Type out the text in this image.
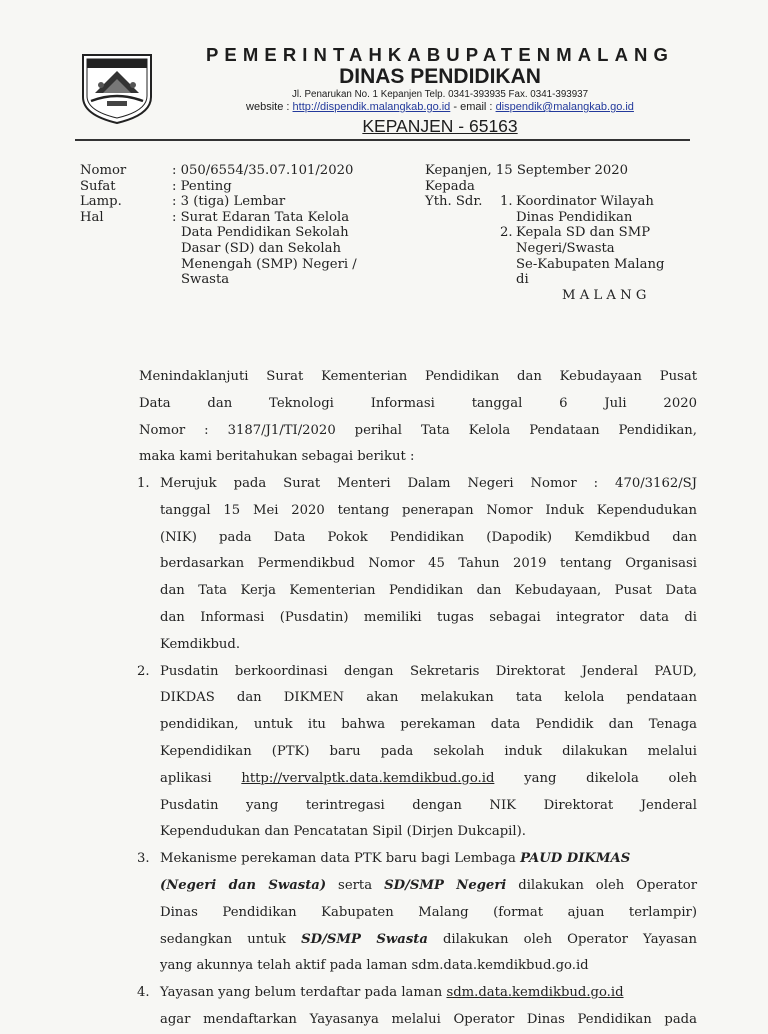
PEMERINTAHKABUPATENMALANG
DINAS PENDIDIKAN
Jl. Penarukan No. 1 Kepanjen Telp. 0341-393935 Fax. 0341-393937
website : http://dispendik.malangkab.go.id - email : dispendik@malangkab.go.id
KEPANJEN - 65163
Nomor
Sufat
Lamp.
Hal
: 050/6554/35.07.101/2020
: Penting
: 3 (tiga) Lembar
: Surat Edaran Tata Kelola
Data Pendidikan Sekolah
Dasar (SD) dan Sekolah
Menengah (SMP) Negeri /
Swasta
Kepanjen, 15 September 2020
Kepada
Yth. Sdr. 1. Koordinator Wilayah
Dinas Pendidikan
2. Kepala SD dan SMP
Negeri/Swasta
Se-Kabupaten Malang
di
MALANG
Menindaklanjuti Surat Kementerian Pendidikan dan Kebudayaan Pusat
Data dan Teknologi Informasi tanggal 6 Juli 2020
Nomor : 3187/J1/TI/2020 perihal Tata Kelola Pendataan Pendidikan,
maka kami beritahukan sebagai berikut :
1. Merujuk pada Surat Menteri Dalam Negeri Nomor : 470/3162/SJ
tanggal 15 Mei 2020 tentang penerapan Nomor Induk Kependudukan
(NIK) pada Data Pokok Pendidikan (Dapodik) Kemdikbud dan
berdasarkan Permendikbud Nomor 45 Tahun 2019 tentang Organisasi
dan Tata Kerja Kementerian Pendidikan dan Kebudayaan, Pusat Data
dan Informasi (Pusdatin) memiliki tugas sebagai integrator data di
Kemdikbud.
2. Pusdatin berkoordinasi dengan Sekretaris Direktorat Jenderal PAUD,
DIKDAS dan DIKMEN akan melakukan tata kelola pendataan
pendidikan, untuk itu bahwa perekaman data Pendidik dan Tenaga
Kependidikan (PTK) baru pada sekolah induk dilakukan melalui
aplikasi http://vervalptk.data.kemdikbud.go.id yang dikelola oleh
Pusdatin yang terintregasi dengan NIK Direktorat Jenderal
Kependudukan dan Pencatatan Sipil (Dirjen Dukcapil).
3. Mekanisme perekaman data PTK baru bagi Lembaga PAUD DIKMAS
(Negeri dan Swasta) serta SD/SMP Negeri dilakukan oleh Operator
Dinas Pendidikan Kabupaten Malang (format ajuan terlampir)
sedangkan untuk SD/SMP Swasta dilakukan oleh Operator Yayasan
yang akunnya telah aktif pada laman sdm.data.kemdikbud.go.id
4. Yayasan yang belum terdaftar pada laman sdm.data.kemdikbud.go.id
agar mendaftarkan Yayasanya melalui Operator Dinas Pendidikan pada
